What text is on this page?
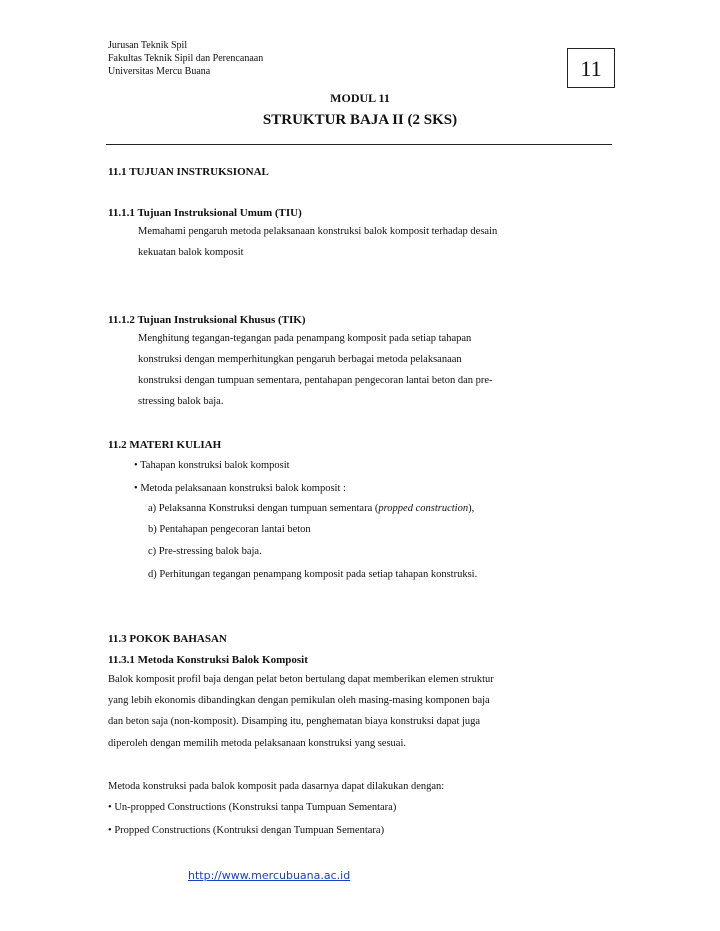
Jurusan Teknik Spil
Fakultas Teknik Sipil dan Perencanaan
Universitas Mercu Buana	11
MODUL 11
STRUKTUR BAJA II (2 SKS)
11.1 TUJUAN INSTRUKSIONAL
11.1.1 Tujuan Instruksional Umum (TIU)
Memahami pengaruh metoda pelaksanaan konstruksi balok komposit terhadap desain
kekuatan balok komposit
11.1.2 Tujuan Instruksional Khusus (TIK)
Menghitung tegangan-tegangan pada penampang komposit pada setiap tahapan
konstruksi dengan memperhitungkan pengaruh berbagai metoda pelaksanaan
konstruksi dengan tumpuan sementara, pentahapan pengecoran lantai beton dan pre-
stressing balok baja.
11.2 MATERI KULIAH
• Tahapan konstruksi balok komposit
• Metoda pelaksanaan konstruksi balok komposit :
a) Pelaksanna Konstruksi dengan tumpuan sementara (propped construction),
b) Pentahapan pengecoran lantai beton
c) Pre-stressing balok baja.
d) Perhitungan tegangan penampang komposit pada setiap tahapan konstruksi.
11.3 POKOK BAHASAN
11.3.1 Metoda Konstruksi Balok Komposit
Balok komposit profil baja dengan pelat beton bertulang dapat memberikan elemen struktur
yang lebih ekonomis dibandingkan dengan pemikulan oleh masing-masing komponen baja
dan beton saja (non-komposit). Disamping itu, penghematan biaya konstruksi dapat juga
diperoleh dengan memilih metoda pelaksanaan konstruksi yang sesuai.
Metoda konstruksi pada balok komposit pada dasarnya dapat dilakukan dengan:
• Un-propped Constructions (Konstruksi tanpa Tumpuan Sementara)
• Propped Constructions (Kontruksi dengan Tumpuan Sementara)
http://www.mercubuana.ac.id
